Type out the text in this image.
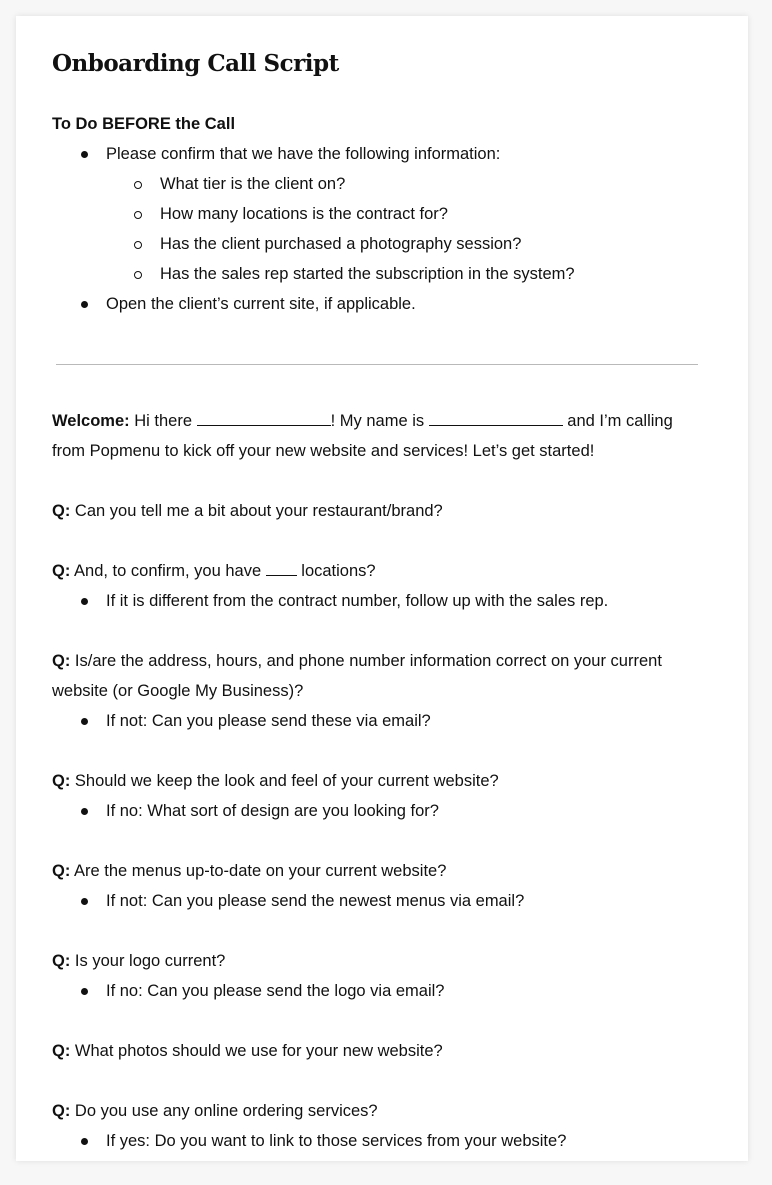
Onboarding Call Script
To Do BEFORE the Call
Please confirm that we have the following information:
What tier is the client on?
How many locations is the contract for?
Has the client purchased a photography session?
Has the sales rep started the subscription in the system?
Open the client’s current site, if applicable.
Welcome: Hi there	! My name is	and I’m calling from Popmenu to kick off your new website and services! Let’s get started!
Q: Can you tell me a bit about your restaurant/brand?
Q: And, to confirm, you have  locations?
If it is different from the contract number, follow up with the sales rep.
Q: Is/are the address, hours, and phone number information correct on your current website (or Google My Business)?
If not: Can you please send these via email?
Q: Should we keep the look and feel of your current website?
If no: What sort of design are you looking for?
Q: Are the menus up-to-date on your current website?
If not: Can you please send the newest menus via email?
Q: Is your logo current?
If no: Can you please send the logo via email?
Q: What photos should we use for your new website?
Q: Do you use any online ordering services?
If yes: Do you want to link to those services from your website?
